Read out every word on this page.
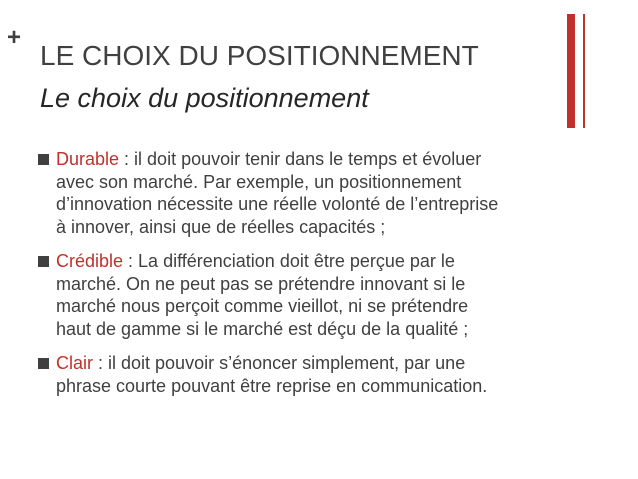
+
LE CHOIX DU POSITIONNEMENT
Le choix du positionnement
Durable : il doit pouvoir tenir dans le temps et évoluer
avec son marché. Par exemple, un positionnement
d’innovation nécessite une réelle volonté de l’entreprise
à innover, ainsi que de réelles capacités ;
Crédible : La différenciation doit être perçue par le
marché. On ne peut pas se prétendre innovant si le
marché nous perçoit comme vieillot, ni se prétendre
haut de gamme si le marché est déçu de la qualité ;
Clair : il doit pouvoir s’énoncer simplement, par une
phrase courte pouvant être reprise en communication.
